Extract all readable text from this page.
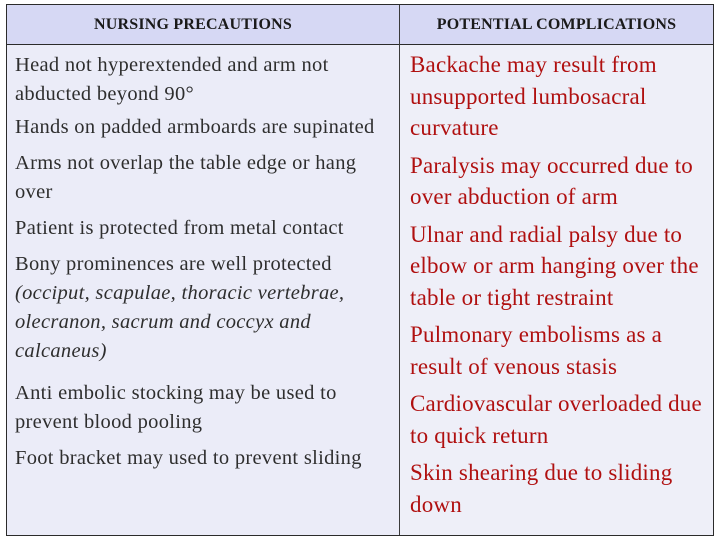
NURSING PRECAUTIONS
Head not hyperextended and arm not abducted beyond 90°
Hands on padded armboards are supinated
Arms not overlap the table edge or hang over
Patient is protected from metal contact
Bony prominences are well protected
(occiput, scapulae, thoracic vertebrae, olecranon, sacrum and coccyx and calcaneus)
Anti embolic stocking may be used to prevent blood pooling
Foot bracket may used to prevent sliding
POTENTIAL COMPLICATIONS
Backache may result from unsupported lumbosacral curvature
Paralysis may occurred due to over abduction of arm
Ulnar and radial palsy due to elbow or arm hanging over the table or tight restraint
Pulmonary embolisms as a result of venous stasis
Cardiovascular overloaded due to quick return
Skin shearing due to sliding down
